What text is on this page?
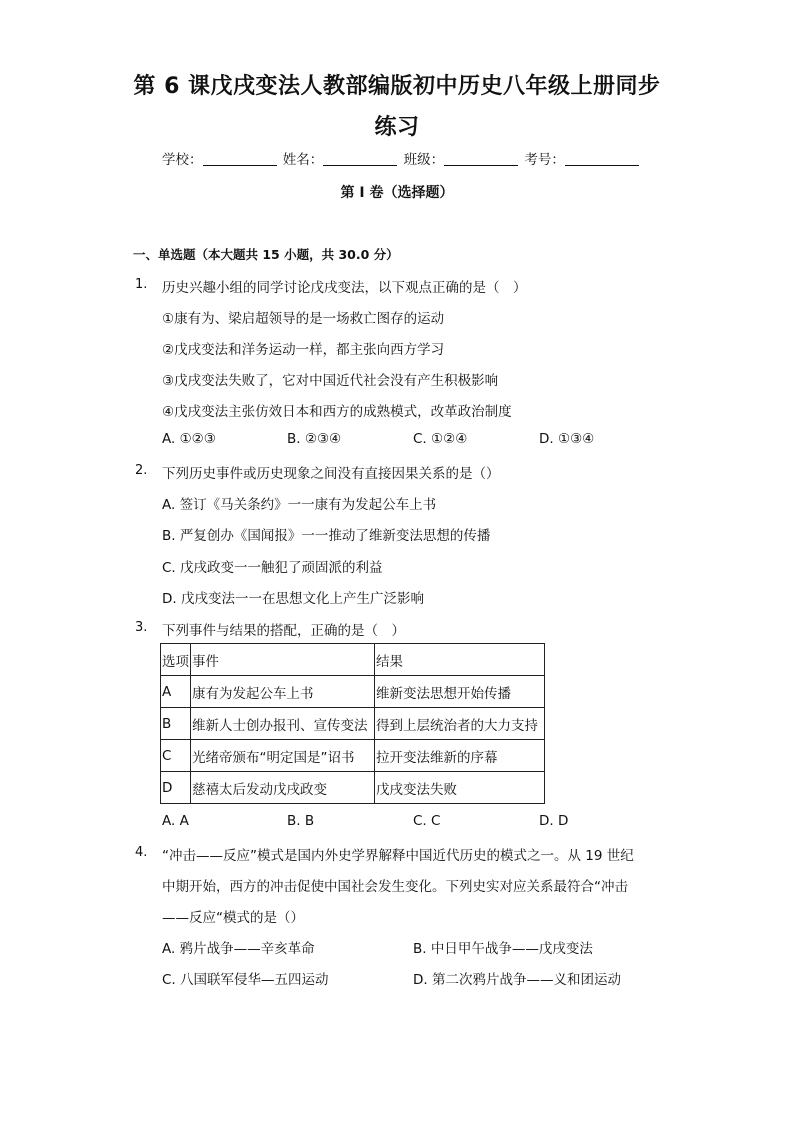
第 6 课戊戌变法人教部编版初中历史八年级上册同步练习
学校：	姓名：	班级：	考号：
第 I 卷（选择题）
一、单选题（本大题共 15 小题，共 30.0 分）
1. 历史兴趣小组的同学讨论戊戌变法，以下观点正确的是（　）
①康有为、梁启超领导的是一场救亡图存的运动
②戊戌变法和洋务运动一样，都主张向西方学习
③戊戌变法失败了，它对中国近代社会没有产生积极影响
④戊戌变法主张仿效日本和西方的成熟模式，改革政治制度
A. ①②③	B. ②③④	C. ①②④	D. ①③④
2. 下列历史事件或历史现象之间没有直接因果关系的是（）
A. 签订《马关条约》一一康有为发起公车上书
B. 严复创办《国闻报》一一推动了维新变法思想的传播
C. 戊戌政变一一触犯了顽固派的利益
D. 戊戌变法一一在思想文化上产生广泛影响
3. 下列事件与结果的搭配，正确的是（　）
选项	事件	结果
A	康有为发起公车上书	维新变法思想开始传播
B	维新人士创办报刊、宣传变法	得到上层统治者的大力支持
C	光绪帝颁布“明定国是”诏书	拉开变法维新的序幕
D	慈禧太后发动戊戌政变	戊戌变法失败
A. A	B. B	C. C	D. D
4. “冲击——反应”模式是国内外史学界解释中国近代历史的模式之一。从 19 世纪
中期开始，西方的冲击促使中国社会发生变化。下列史实对应关系最符合“冲击
——反应“模式的是（）
A. 鸦片战争——辛亥革命	B. 中日甲午战争——戊戌变法
C. 八国联军侵华—五四运动	D. 第二次鸦片战争——义和团运动
